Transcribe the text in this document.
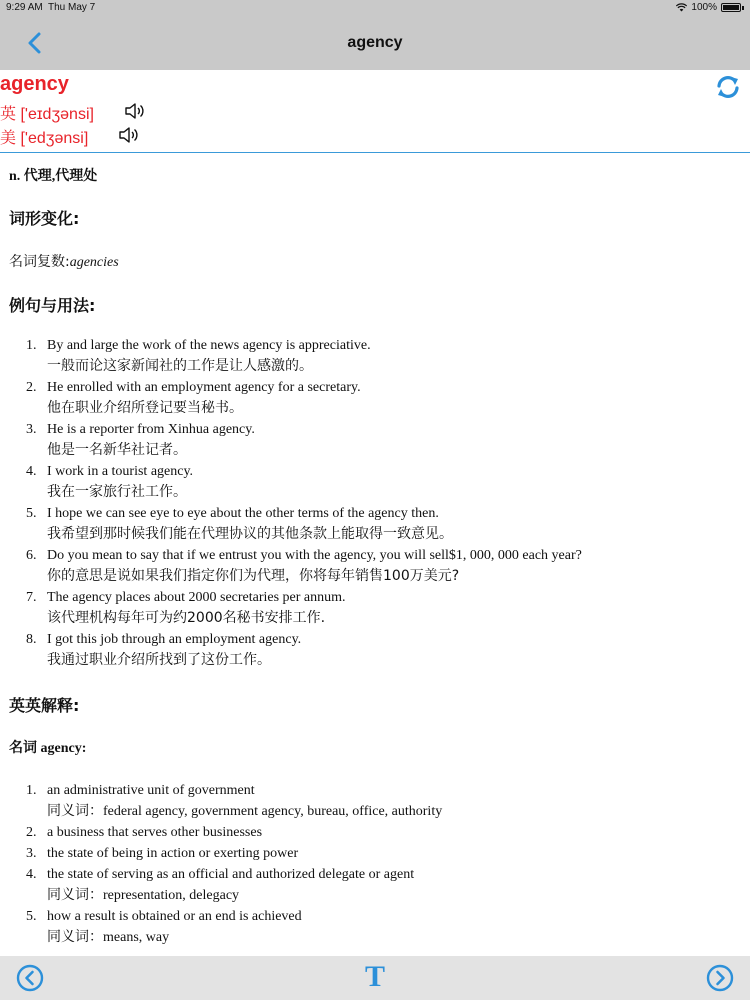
9:29 AM Thu May 7	100%
agency
agency
英 ['eɪdʒənsi]
美 ['edʒənsi]
n. 代理,代理处
词形变化:
名词复数:agencies
例句与用法:
1. By and large the work of the news agency is appreciative.
一般而论这家新闻社的工作是让人感激的。
2. He enrolled with an employment agency for a secretary.
他在职业介绍所登记要当秘书。
3. He is a reporter from Xinhua agency.
他是一名新华社记者。
4. I work in a tourist agency.
我在一家旅行社工作。
5. I hope we can see eye to eye about the other terms of the agency then.
我希望到那时候我们能在代理协议的其他条款上能取得一致意见。
6. Do you mean to say that if we entrust you with the agency, you will sell$1, 000, 000 each year?
你的意思是说如果我们指定你们为代理，你将每年销售100万美元?
7. The agency places about 2000 secretaries per annum.
该代理机构每年可为约2000名秘书安排工作.
8. I got this job through an employment agency.
我通过职业介绍所找到了这份工作。
英英解释:
名词 agency:
1. an administrative unit of government
同义词：federal agency, government agency, bureau, office, authority
2. a business that serves other businesses
3. the state of being in action or exerting power
4. the state of serving as an official and authorized delegate or agent
同义词：representation, delegacy
5. how a result is obtained or an end is achieved
同义词：means, way
T
